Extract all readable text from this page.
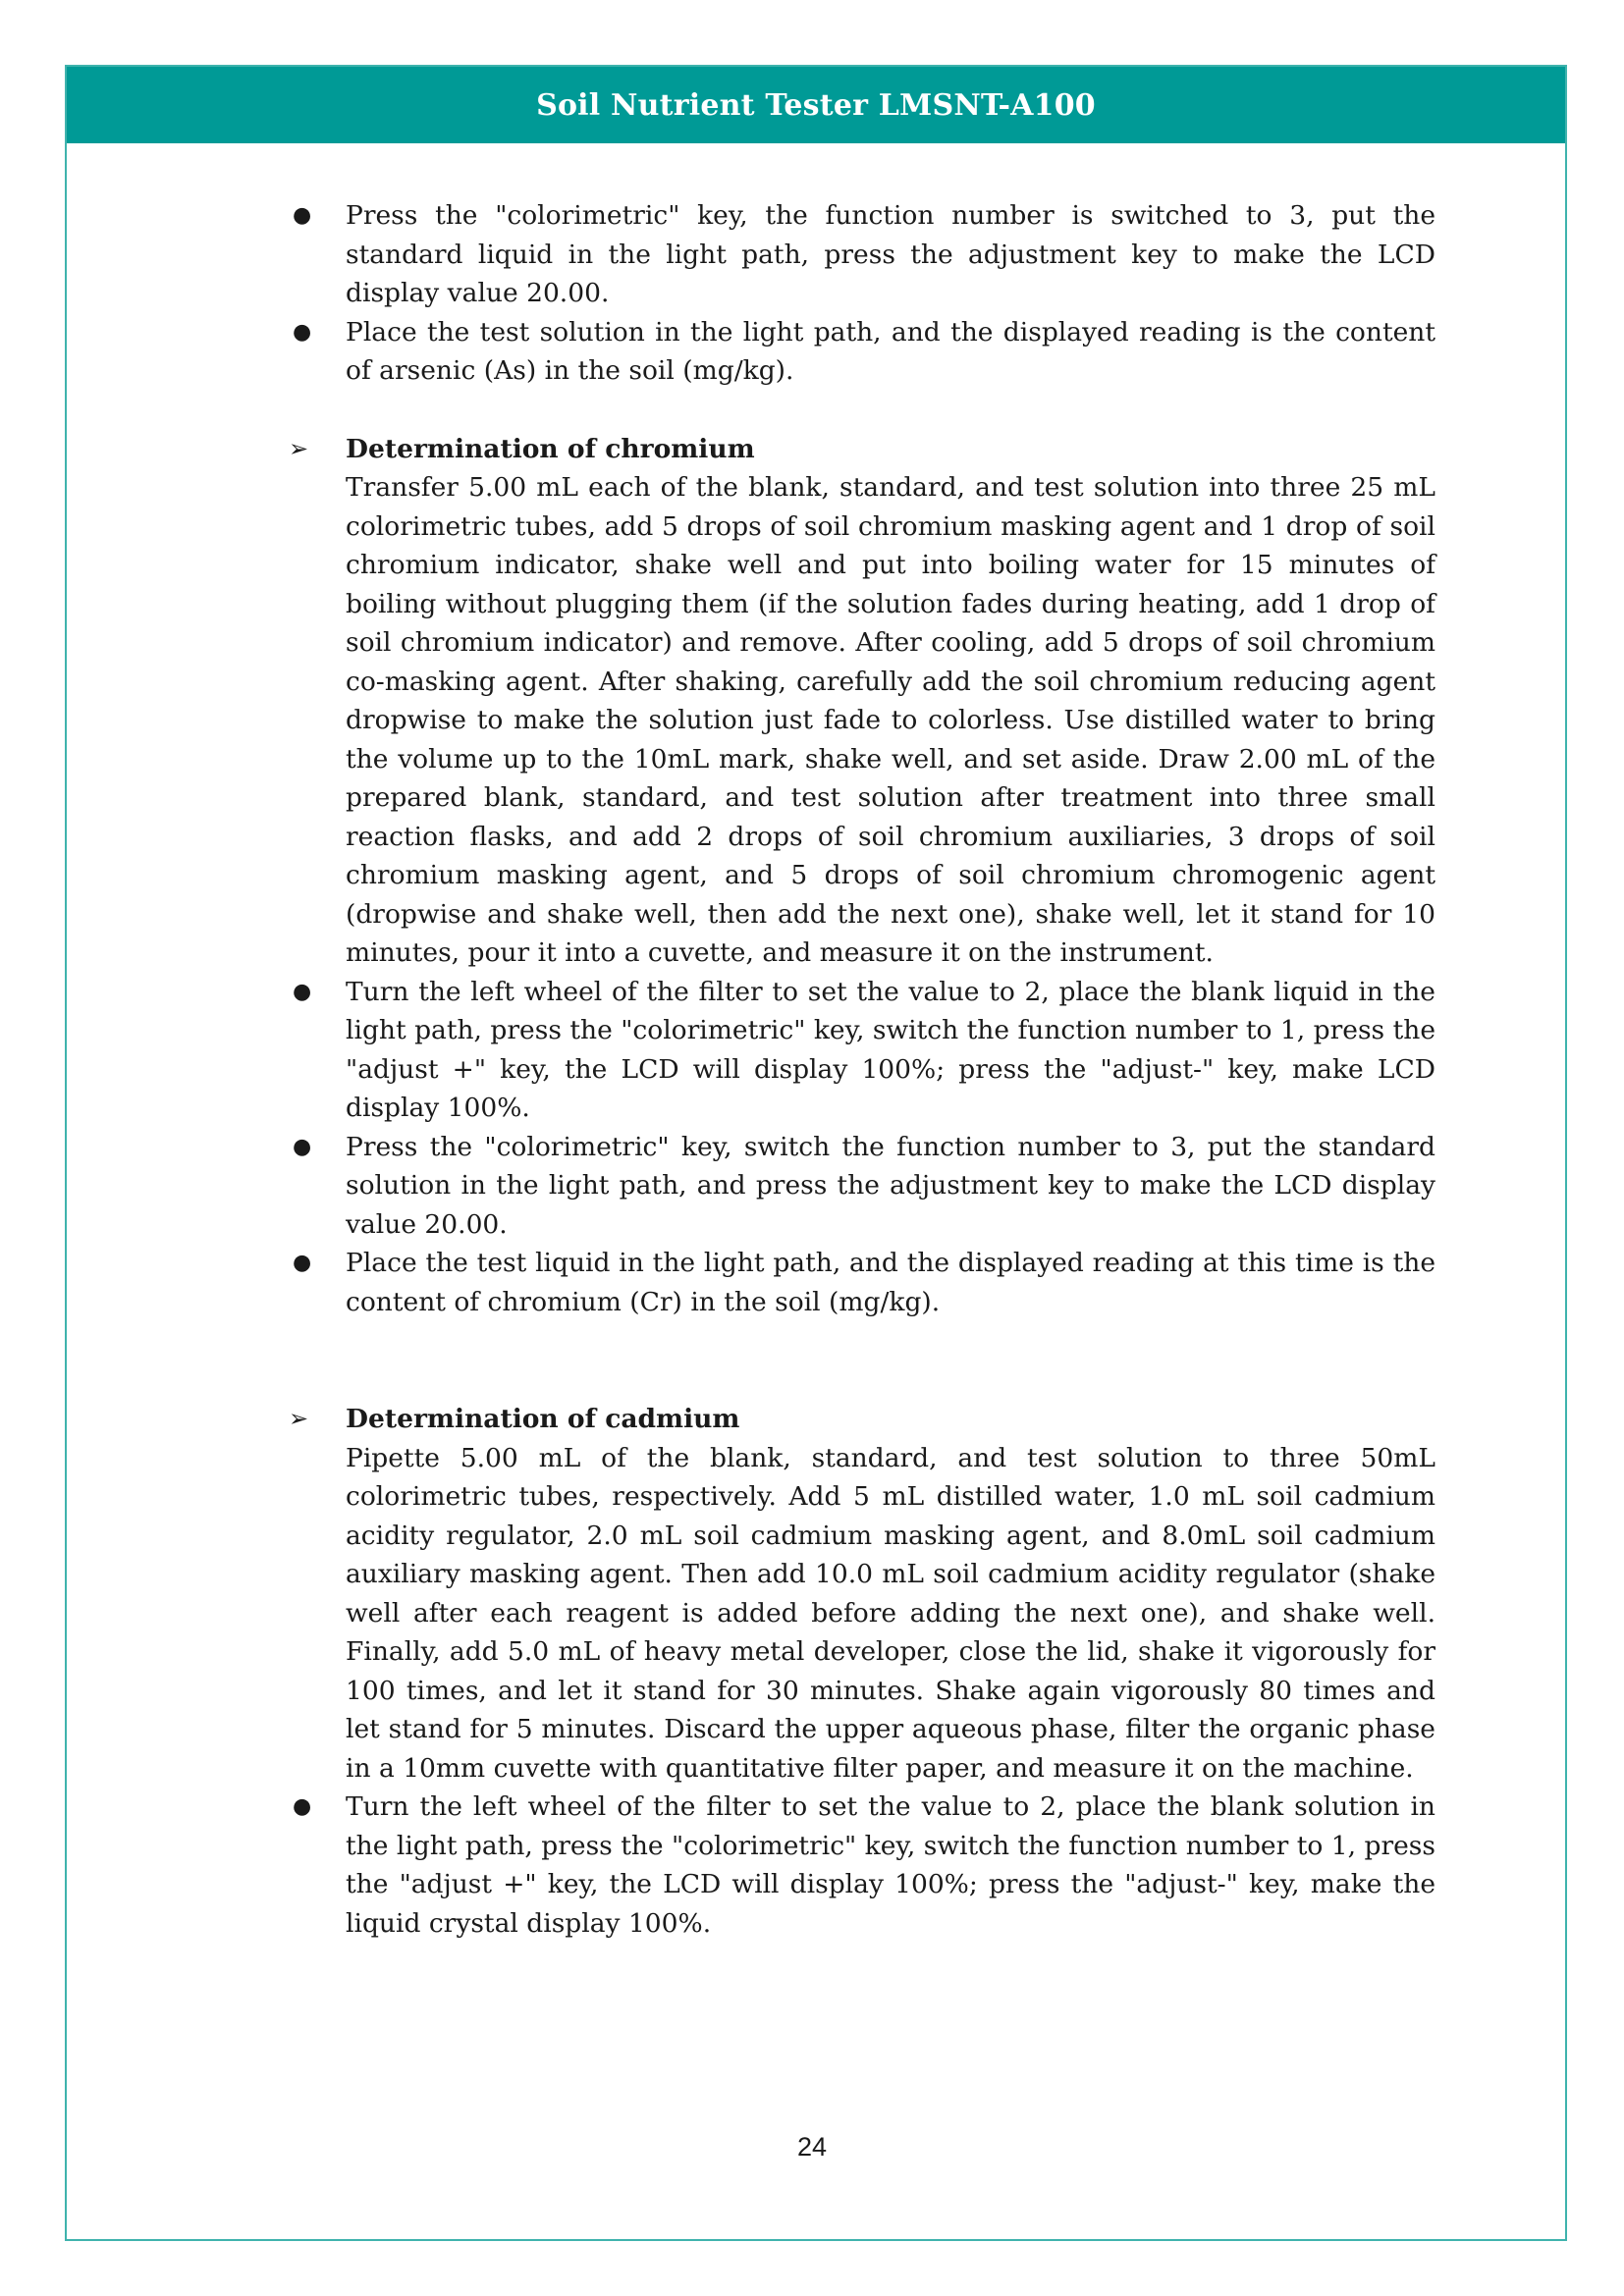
Soil Nutrient Tester LMSNT-A100
● Press the "colorimetric" key, the function number is switched to 3, put the standard liquid in the light path, press the adjustment key to make the LCD display value 20.00.
● Place the test solution in the light path, and the displayed reading is the content of arsenic (As) in the soil (mg/kg).
➢ Determination of chromium
Transfer 5.00 mL each of the blank, standard, and test solution into three 25 mL colorimetric tubes, add 5 drops of soil chromium masking agent and 1 drop of soil chromium indicator, shake well and put into boiling water for 15 minutes of boiling without plugging them (if the solution fades during heating, add 1 drop of soil chromium indicator) and remove. After cooling, add 5 drops of soil chromium co-masking agent. After shaking, carefully add the soil chromium reducing agent dropwise to make the solution just fade to colorless. Use distilled water to bring the volume up to the 10mL mark, shake well, and set aside. Draw 2.00 mL of the prepared blank, standard, and test solution after treatment into three small reaction flasks, and add 2 drops of soil chromium auxiliaries, 3 drops of soil chromium masking agent, and 5 drops of soil chromium chromogenic agent (dropwise and shake well, then add the next one), shake well, let it stand for 10 minutes, pour it into a cuvette, and measure it on the instrument.
● Turn the left wheel of the filter to set the value to 2, place the blank liquid in the light path, press the "colorimetric" key, switch the function number to 1, press the "adjust +" key, the LCD will display 100%; press the "adjust-" key, make LCD display 100%.
● Press the "colorimetric" key, switch the function number to 3, put the standard solution in the light path, and press the adjustment key to make the LCD display value 20.00.
● Place the test liquid in the light path, and the displayed reading at this time is the content of chromium (Cr) in the soil (mg/kg).
➢ Determination of cadmium
Pipette 5.00 mL of the blank, standard, and test solution to three 50mL colorimetric tubes, respectively. Add 5 mL distilled water, 1.0 mL soil cadmium acidity regulator, 2.0 mL soil cadmium masking agent, and 8.0mL soil cadmium auxiliary masking agent. Then add 10.0 mL soil cadmium acidity regulator (shake well after each reagent is added before adding the next one), and shake well. Finally, add 5.0 mL of heavy metal developer, close the lid, shake it vigorously for 100 times, and let it stand for 30 minutes. Shake again vigorously 80 times and let stand for 5 minutes. Discard the upper aqueous phase, filter the organic phase in a 10mm cuvette with quantitative filter paper, and measure it on the machine.
● Turn the left wheel of the filter to set the value to 2, place the blank solution in the light path, press the "colorimetric" key, switch the function number to 1, press the "adjust +" key, the LCD will display 100%; press the "adjust-" key, make the liquid crystal display 100%.
24
